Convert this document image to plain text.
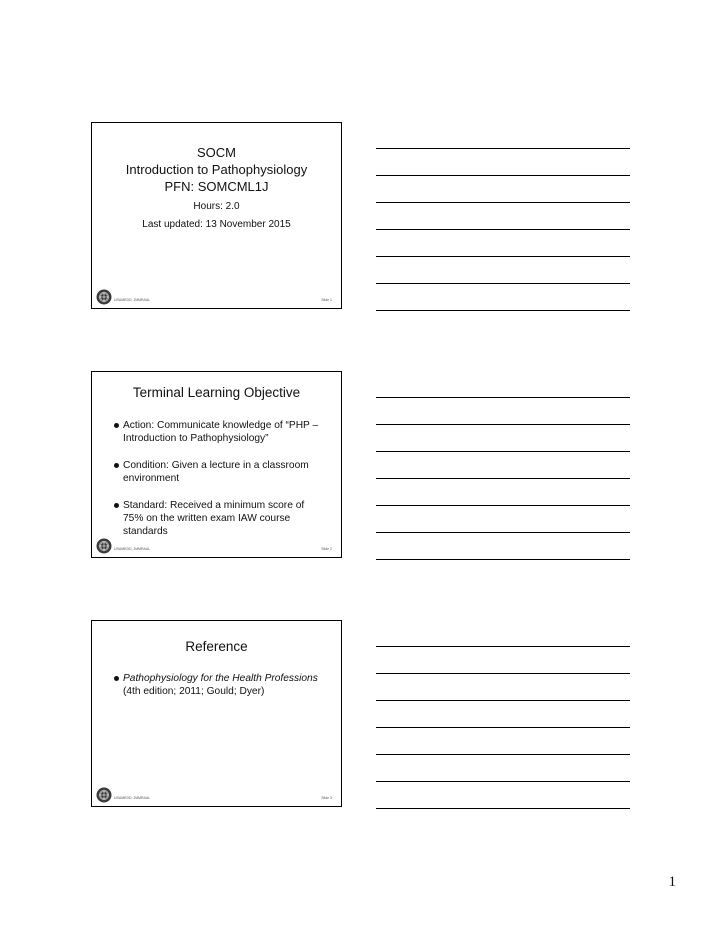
SOCM
Introduction to Pathophysiology
PFN: SOMCML1J
Hours: 2.0
Last updated: 13 November 2015
USAMEDD, JMMRAAL	Slide 1
Terminal Learning Objective
Action: Communicate knowledge of “PHP – Introduction to Pathophysiology”
Condition: Given a lecture in a classroom environment
Standard: Received a minimum score of 75% on the written exam IAW course standards
USAMEDD, JMMRAAL	Slide 2
Reference
Pathophysiology for the Health Professions
(4th edition; 2011; Gould; Dyer)
USAMEDD, JMMRAAL	Slide 3
1
